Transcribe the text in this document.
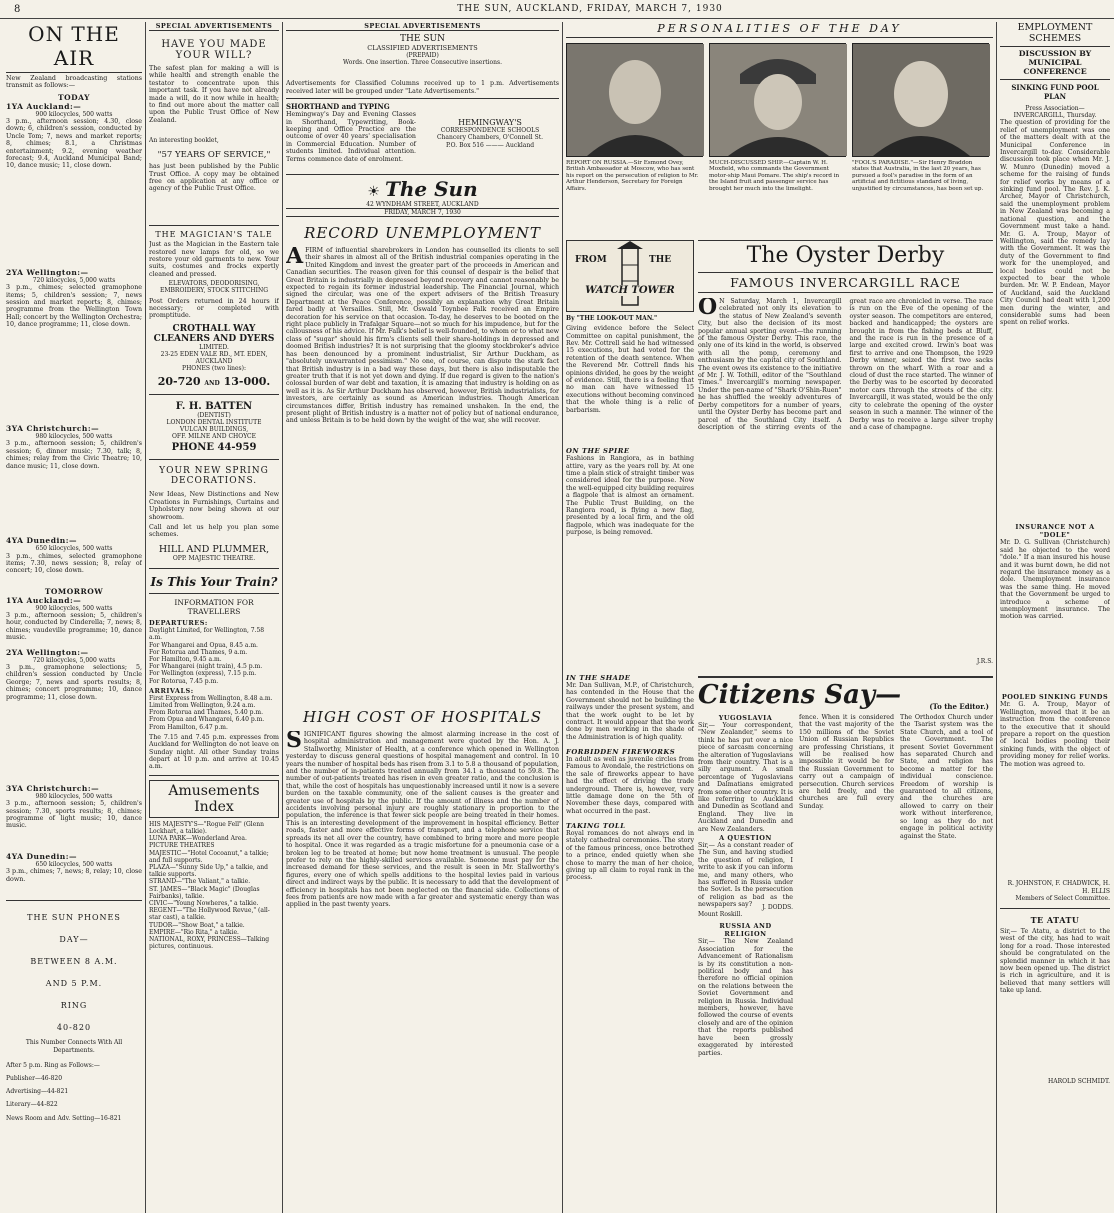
8	THE SUN, AUCKLAND, FRIDAY, MARCH 7, 1930
ON THE AIR
New Zealand broadcasting stations transmit as follows:—
TODAY
1YA Auckland:—
900 kilocycles, 500 watts
3 p.m., afternoon session; 4.30, close down; 6, children's session, conducted by Uncle Tom; 7, news and market reports; 8, chimes; 8.1, a Christmas entertainment; 9.2, evening weather forecast; 9.4, Auckland Municipal Band; 10, dance music; 11, close down.
2YA Wellington:—
720 kilocycles, 5,000 watts
3 p.m., chimes; selected gramophone items; 5, children's session; 7, news session and market reports; 8, chimes; programme from the Wellington Town Hall; concert by the Wellington Orchestra; 10, dance programme; 11, close down.
3YA Christchurch:—
980 kilocycles, 500 watts
3 p.m., afternoon session; 5, children's session; 6, dinner music; 7.30, talk; 8, chimes; relay from the Civic Theatre; 10, dance music; 11, close down.
4YA Dunedin:—
650 kilocycles, 500 watts
3 p.m., chimes, selected gramophone items; 7.30, news session; 8, relay of concert; 10, close down.
TOMORROW
1YA Auckland:—
900 kilocycles, 500 watts
3 p.m., afternoon session; 5, children's hour, conducted by Cinderella; 7, news; 8, chimes; vaudeville programme; 10, dance music.
2YA Wellington:—
720 kilocycles, 5,000 watts
3 p.m., gramophone selections; 5, children's session conducted by Uncle George; 7, news and sports results; 8, chimes; concert programme; 10, dance programme; 11, close down.
3YA Christchurch:—
980 kilocycles, 500 watts
3 p.m., afternoon session; 5, children's session; 7.30, sports results; 8, chimes; programme of light music; 10, dance music.
4YA Dunedin:—
650 kilocycles, 500 watts
3 p.m., chimes; 7, news; 8, relay; 10, close down.
THE SUN PHONES
DAY—
BETWEEN 8 A.M.
AND 5 P.M.
RING
40-820
This Number Connects With All Departments.
After 5 p.m. Ring as Follows:—
Publisher—46-820
Advertising—44-821
Literary—44-822
News Room and Adv. Setting—16-821
SPECIAL ADVERTISEMENTS
HAVE YOU MADE YOUR WILL?
The safest plan for making a will is while health and strength enable the testator to concentrate upon this important task. If you have not already made a will, do it now while in health; to find out more about the matter call upon the Public Trust Office of New Zealand.
An interesting booklet,
"57 YEARS OF SERVICE,"
has just been published by the Public Trust Office. A copy may be obtained free on application at any office or agency of the Public Trust Office.
THE MAGICIAN'S TALE
Just as the Magician in the Eastern tale restored new lamps for old, so we restore your old garments to new. Your suits, costumes and frocks expertly cleaned and pressed.
ELEVATORS, DEODORISING, EMBROIDERY, STOCK STITCHING
Post Orders returned in 24 hours if necessary; or completed with promptitude.
CROTHALL WAY CLEANERS AND DYERS
LIMITED.
23-25 EDEN VALE RD., MT. EDEN, AUCKLAND
PHONES (two lines):
20-720 AND 13-000.
F. H. BATTEN
(DENTIST)
LONDON DENTAL INSTITUTE
VULCAN BUILDINGS,
OFF. MILNE AND CHOYCE
PHONE 44-959
YOUR NEW SPRING DECORATIONS.
New Ideas, New Distinctions and New Creations in Furnishings, Curtains and Upholstery now being shown at our showroom.
Call and let us help you plan some schemes.
HILL AND PLUMMER,
OPP. MAJESTIC THEATRE.
Is This Your Train?
INFORMATION FOR TRAVELLERS
DEPARTURES:
Daylight Limited, for Wellington, 7.58 a.m.
For Whangarei and Opua, 8.45 a.m.
For Rotorua and Thames, 9 a.m.
For Hamilton, 9.45 a.m.
For Whangarei (night train), 4.5 p.m.
For Wellington (express), 7.15 p.m.
For Rotorua, 7.45 p.m.
ARRIVALS:
First Express from Wellington, 8.48 a.m.
Limited from Wellington, 9.24 a.m.
From Rotorua and Thames, 5.40 p.m.
From Opua and Whangarei, 6.40 p.m.
From Hamilton, 6.47 p.m.
The 7.15 and 7.45 p.m. expresses from Auckland for Wellington do not leave on Sunday night. All other Sunday trains depart at 10 p.m. and arrive at 10.45 a.m.
Amusements Index
HIS MAJESTY'S—"Rogue Fell" (Glenn Lockhart, a talkie).
LUNA PARK—Wonderland Area.
PICTURE THEATRES
MAJESTIC—"Hotel Cocoanut," a talkie; and full supports.
PLAZA—"Sunny Side Up," a talkie, and talkie supports.
STRAND—"The Valiant," a talkie.
ST. JAMES—"Black Magic" (Douglas Fairbanks), talkie.
CIVIC—"Young Nowheres," a talkie.
REGENT—"The Hollywood Revue," (all-star cast), a talkie.
TUDOR—"Show Boat," a talkie.
EMPIRE—"Rio Rita," a talkie.
NATIONAL, ROXY, PRINCESS—Talking pictures, continuous.
SPECIAL ADVERTISEMENTS
THE SUN
CLASSIFIED ADVERTISEMENTS
(PREPAID)
Words. One insertion. Three Consecutive insertions.
Advertisements for Classified Columns received up to 1 p.m. Advertisements received later will be grouped under "Late Advertisements."
SHORTHAND and TYPING
Hemingway's Day and Evening Classes in Shorthand, Typewriting, Book-keeping and Office Practice are the outcome of over 40 years' specialisation in Commercial Education. Number of students limited. Individual attention. Terms commence date of enrolment.
HEMINGWAY'S
CORRESPONDENCE SCHOOLS
Chancery Chambers, O'Connell St.
P.O. Box 516 ——— Auckland
☀ The Sun
42 WYNDHAM STREET, AUCKLAND
FRIDAY, MARCH 7, 1930
RECORD UNEMPLOYMENT
A FIRM of influential sharebrokers in London has counselled its clients to sell their shares in almost all of the British industrial companies operating in the United Kingdom and invest the greater part of the proceeds in American and Canadian securities. The reason given for this counsel of despair is the belief that Great Britain is industrially in depressed beyond recovery and cannot reasonably be expected to regain its former industrial leadership. The Financial Journal, which signed the circular, was one of the expert advisers of the British Treasury Department at the Peace Conference, possibly an explanation why Great Britain fared badly at Versailles. Still, Mr. Oswald Toynbee Falk received an Empire decoration for his service on that occasion. To-day, he deserves to be booted on the right place publicly in Trafalgar Square—not so much for his impudence, but for the callousness of his advice. If Mr. Falk's belief is well-founded, to whom or to what new class of "sugar" should his firm's clients sell their share-holdings in depressed and doomed British industries? It is not surprising that the gloomy stockbroker's advice has been denounced by a prominent industrialist, Sir Arthur Duckham, as "absolutely unwarranted pessimism." No one, of course, can dispute the stark fact that British industry is in a bad way these days, but there is also indisputable the greater truth that it is not yet down and dying. If due regard is given to the nation's colossal burden of war debt and taxation, it is amazing that industry is holding on as well as it is. As Sir Arthur Duckham has observed, however, British industrialists, for investors, are certainly as sound as American industries. Though American circumstances differ, British industry has remained unshaken. In the end, the present plight of British industry is a matter not of policy but of national endurance, and unless Britain is to be held down by the weight of the war, she will recover.
HIGH COST OF HOSPITALS
S IGNIFICANT figures showing the almost alarming increase in the cost of hospital administration and management were quoted by the Hon. A. J. Stallworthy, Minister of Health, at a conference which opened in Wellington yesterday to discuss general questions of hospital management and control. In 10 years the number of hospital beds has risen from 3.1 to 5.8 a thousand of population, and the number of in-patients treated annually from 34.1 a thousand to 59.8. The number of out-patients treated has risen in even greater ratio, and the conclusion is that, while the cost of hospitals has unquestionably increased until it now is a severe burden on the taxable community, one of the salient causes is the greater and greater use of hospitals by the public. If the amount of illness and the number of accidents involving personal injury are roughly stationary in proportion to the population, the inference is that fewer sick people are being treated in their homes. This is an interesting development of the improvement in hospital efficiency. Better roads, faster and more effective forms of transport, and a telephone service that spreads its net all over the country, have combined to bring more and more people to hospital. Once it was regarded as a tragic misfortune for a pneumonia case or a broken leg to be treated at home; but now home treatment is unusual. The people prefer to rely on the highly-skilled services available. Someone must pay for the increased demand for these services, and the result is seen in Mr. Stallworthy's figures, every one of which spells additions to the hospital levies paid in various direct and indirect ways by the public. It is necessary to add that the development of efficiency in hospitals has not been neglected on the financial side. Collections of fees from patients are now made with a far greater and systematic energy than was applied in the past twenty years.
PERSONALITIES OF THE DAY
REPORT ON RUSSIA.—Sir Esmond Ovey, British Ambassador at Moscow, who has sent his report on the persecution of religion to Mr. Arthur Henderson, Secretary for Foreign Affairs.
MUCH-DISCUSSED SHIP.—Captain W. H. Moxfield, who commands the Government motor-ship Maui Pomare. The ship's record in the Island fruit and passenger service has brought her much into the limelight.
"FOOL'S PARADISE."—Sir Henry Braddon states that Australia, in the last 20 years, has pursued a fool's paradise in the form of an artificial and fictitious standard of living, unjustified by circumstances, has been set up.
FROM	THE
WATCH TOWER
By "THE LOOK-OUT MAN."
Giving evidence before the Select Committee on capital punishment, the Rev. Mr. Cottrell said he had witnessed 15 executions, but had voted for the retention of the death sentence. When the Reverend Mr. Cottrell finds his opinions divided, he goes by the weight of evidence. Still, there is a feeling that no man can have witnessed 15 executions without becoming convinced that the whole thing is a relic of barbarism.
ON THE SPIRE
Fashions in Rangiora, as in bathing attire, vary as the years roll by. At one time a plain stick of straight timber was considered ideal for the purpose. Now the well-equipped city building requires a flagpole that is almost an ornament. The Public Trust Building, on the Rangiora road, is flying a new flag, presented by a local firm, and the old flagpole, which was inadequate for the purpose, is being removed.
IN THE SHADE
Mr. Dan Sullivan, M.P., of Christchurch, has contended in the House that the Government should not be building the railways under the present system, and that the work ought to be let by contract. It would appear that the work done by men working in the shade of the Administration is of high quality.
FORBIDDEN FIREWORKS
In adult as well as juvenile circles from Famous to Avondale, the restrictions on the sale of fireworks appear to have had the effect of driving the trade underground. There is, however, very little damage done on the 5th of November these days, compared with what occurred in the past.
TAKING TOLL
Royal romances do not always end in stately cathedral ceremonies. The story of the famous princess, once betrothed to a prince, ended quietly when she chose to marry the man of her choice, giving up all claim to royal rank in the process.
The Oyster Derby
FAMOUS INVERCARGILL RACE
O N Saturday, March 1, Invercargill celebrated not only its elevation to the status of New Zealand's seventh City, but also the decision of its most popular annual sporting event—the running of the famous Oyster Derby. This race, the only one of its kind in the world, is observed with all the pomp, ceremony and enthusiasm by the capital city of Southland. The event owes its existence to the initiative of Mr. J. W. Tothill, editor of the "Southland Times." Invercargill's morning newspaper. Under the pen-name of "Shark O'Shin-Ruen" he has shuffled the weekly adventures of Derby competitors for a number of years, until the Oyster Derby has become part and parcel of the Southland City itself. A description of the stirring events of the great race are chronicled in verse. The race is run on the Eve of the opening of the oyster season. The competitors are entered, backed and handicapped; the oysters are brought in from the fishing beds at Bluff, and the race is run in the presence of a large and excited crowd. Irwin's boat was first to arrive and one Thompson, the 1929 Derby winner, seized the first two sacks thrown on the wharf. With a roar and a cloud of dust the race started. The winner of the Derby was to be escorted by decorated motor cars through the streets of the city. Invercargill, it was stated, would be the only city to celebrate the opening of the oyster season in such a manner. The winner of the Derby was to receive a large silver trophy and a case of champagne.
J.R.S.
Citizens Say—	(To the Editor.)
YUGOSLAVIA
Sir,— Your correspondent, "New Zealander," seems to think he has put over a nice piece of sarcasm concerning the alteration of Yugoslavians from their country. That is a silly argument. A small percentage of Yugoslavians and Dalmatians emigrated from some other country. It is like referring to Auckland and Dunedin as Scotland and England. They live in Auckland and Dunedin and are New Zealanders.
A QUESTION
Sir,— As a constant reader of The Sun, and having studied the question of religion, I write to ask if you can inform me, and many others, who has suffered in Russia under the Soviet. Is the persecution of religion as bad as the newspapers say?	J. DODDS.
Mount Roskill.
RUSSIA AND RELIGION
Sir,— The New Zealand Association for the Advancement of Rationalism is by its constitution a non-political body and has therefore no official opinion on the relations between the Soviet Government and religion in Russia. Individual members, however, have followed the course of events closely and are of the opinion that the reports published have been grossly exaggerated by interested parties.
fence. When it is considered that the vast majority of the 150 millions of the Soviet Union of Russian Republics are professing Christians, it will be realised how impossible it would be for the Russian Government to carry out a campaign of persecution. Church services are held freely, and the churches are full every Sunday.
The Orthodox Church under the Tsarist system was the State Church, and a tool of the Government. The present Soviet Government has separated Church and State, and religion has become a matter for the individual conscience. Freedom of worship is guaranteed to all citizens, and the churches are allowed to carry on their work without interference, so long as they do not engage in political activity against the State.
EMPLOYMENT SCHEMES
DISCUSSION BY MUNICIPAL CONFERENCE
SINKING FUND POOL PLAN
Press Association—INVERCARGILL, Thursday.
The question of providing for the relief of unemployment was one of the matters dealt with at the Municipal Conference in Invercargill to-day. Considerable discussion took place when Mr. J. W. Munro (Dunedin) moved a scheme for the raising of funds for relief works by means of a sinking fund pool. The Rev. J. K. Archer, Mayor of Christchurch, said the unemployment problem in New Zealand was becoming a national question, and the Government must take a hand. Mr. G. A. Troup, Mayor of Wellington, said the remedy lay with the Government. It was the duty of the Government to find work for the unemployed, and local bodies could not be expected to bear the whole burden. Mr. W. P. Endean, Mayor of Auckland, said the Auckland City Council had dealt with 1,200 men during the winter, and considerable sums had been spent on relief works.
INSURANCE NOT A "DOLE"
Mr. D. G. Sullivan (Christchurch) said he objected to the word "dole." If a man insured his house and it was burnt down, he did not regard the insurance money as a dole. Unemployment insurance was the same thing. He moved that the Government be urged to introduce a scheme of unemployment insurance. The motion was carried.
POOLED SINKING FUNDS
Mr. G. A. Troup, Mayor of Wellington, moved that it be an instruction from the conference to the executive that it should prepare a report on the question of local bodies pooling their sinking funds, with the object of providing money for relief works. The motion was agreed to.
R. JOHNSTON, F. CHADWICK, H. H. ELLIS
Members of Select Committee.
TE ATATU
Sir,— Te Atatu, a district to the west of the city, has had to wait long for a road. Those interested should be congratulated on the splendid manner in which it has now been opened up. The district is rich in agriculture, and it is believed that many settlers will take up land.
HAROLD SCHMIDT.
